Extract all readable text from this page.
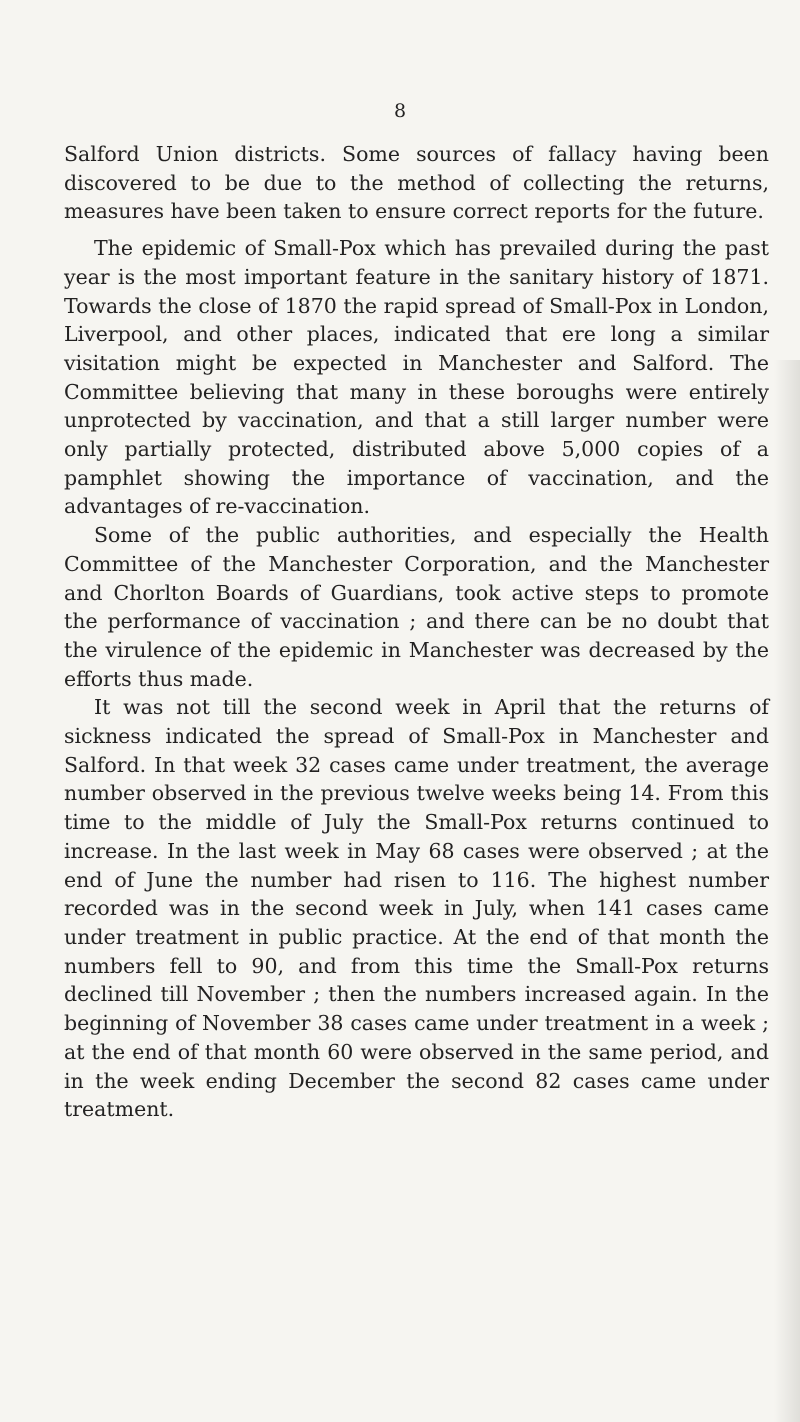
8

Salford Union districts. Some sources of fallacy having been discovered to be due to the method of collecting the returns, measures have been taken to ensure correct reports for the future.

The epidemic of Small-Pox which has prevailed during the past year is the most important feature in the sanitary history of 1871. Towards the close of 1870 the rapid spread of Small-Pox in London, Liverpool, and other places, indicated that ere long a similar visitation might be expected in Manchester and Salford. The Committee believing that many in these boroughs were entirely unprotected by vaccination, and that a still larger number were only partially protected, distributed above 5,000 copies of a pamphlet showing the importance of vaccination, and the advantages of re-vaccination.

Some of the public authorities, and especially the Health Committee of the Manchester Corporation, and the Manchester and Chorlton Boards of Guardians, took active steps to promote the performance of vaccination ; and there can be no doubt that the virulence of the epidemic in Manchester was decreased by the efforts thus made.

It was not till the second week in April that the returns of sickness indicated the spread of Small-Pox in Manchester and Salford. In that week 32 cases came under treatment, the average number observed in the previous twelve weeks being 14. From this time to the middle of July the Small-Pox returns continued to increase. In the last week in May 68 cases were observed ; at the end of June the number had risen to 116. The highest number recorded was in the second week in July, when 141 cases came under treatment in public practice. At the end of that month the numbers fell to 90, and from this time the Small-Pox returns declined till November ; then the numbers increased again. In the beginning of November 38 cases came under treatment in a week ; at the end of that month 60 were observed in the same period, and in the week ending December the second 82 cases came under treatment.
